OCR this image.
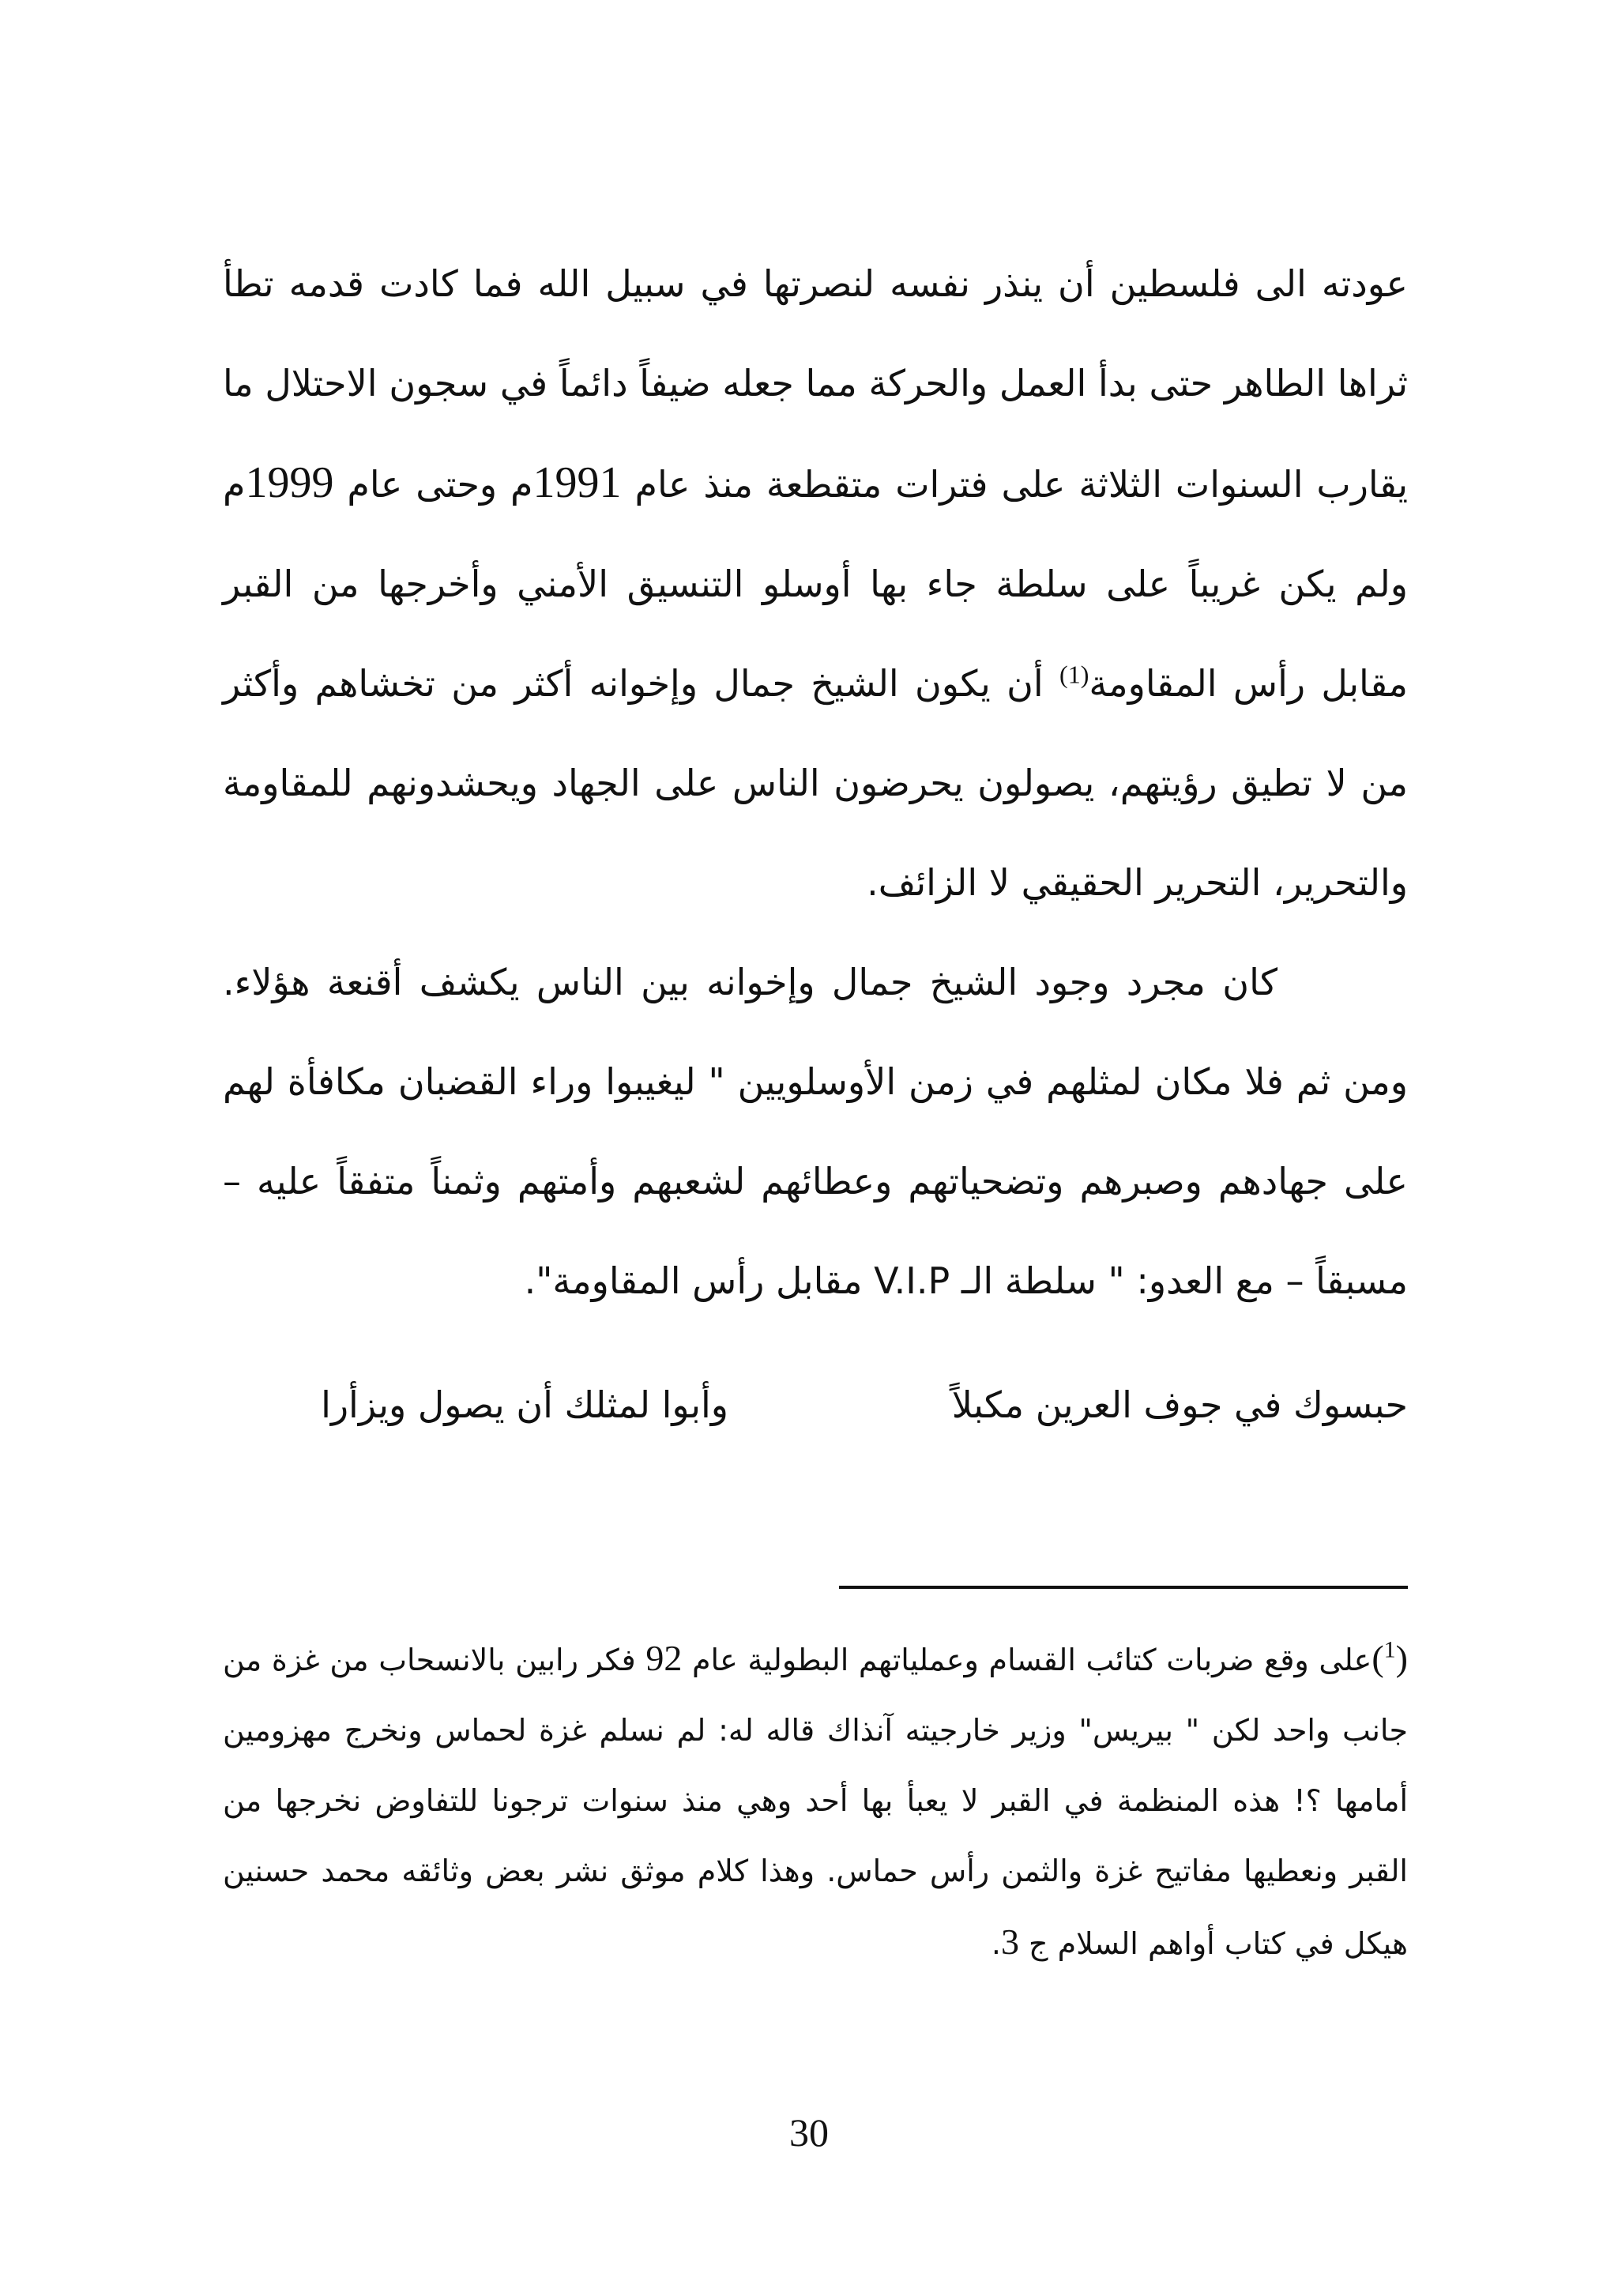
عودته الى فلسطين أن ينذر نفسه لنصرتها في سبيل الله فما كادت قدمه تطأ ثراها الطاهر حتى بدأ العمل والحركة مما جعله ضيفاً دائماً في سجون الاحتلال ما يقارب السنوات الثلاثة على فترات متقطعة منذ عام 1991م وحتى عام 1999م ولم يكن غريباً على سلطة جاء بها أوسلو التنسيق الأمني وأخرجها من القبر مقابل رأس المقاومة$^{(1)}$ أن يكون الشيخ جمال وإخوانه أكثر من تخشاهم وأكثر من لا تطيق رؤيتهم، يصولون يحرضون الناس على الجهاد ويحشدونهم للمقاومة والتحرير، التحرير الحقيقي لا الزائف.

كان مجرد وجود الشيخ جمال وإخوانه بين الناس يكشف أقنعة هؤلاء. ومن ثم فلا مكان لمثلهم في زمن الأوسلويين " ليغيبوا وراء القضبان مكافأة لهم على جهادهم وصبرهم وتضحياتهم وعطائهم لشعبهم وأمتهم وثمناً متفقاً عليه – مسبقاً – مع العدو: " سلطة الـ V.I.P مقابل رأس المقاومة".

حبسوك في جوف العرين مكبلاً
وأبوا لمثلك أن يصول ويزأرا

($^1$)على وقع ضربات كتائب القسام وعملياتهم البطولية عام 92 فكر رابين بالانسحاب من غزة من جانب واحد لكن " بيريس" وزير خارجيته آنذاك قاله له: لم نسلم غزة لحماس ونخرج مهزومين أمامها ؟! هذه المنظمة في القبر لا يعبأ بها أحد وهي منذ سنوات ترجونا للتفاوض نخرجها من القبر ونعطيها مفاتيح غزة والثمن رأس حماس. وهذا كلام موثق نشر بعض وثائقه محمد حسنين هيكل في كتاب أواهم السلام ج 3.

30
